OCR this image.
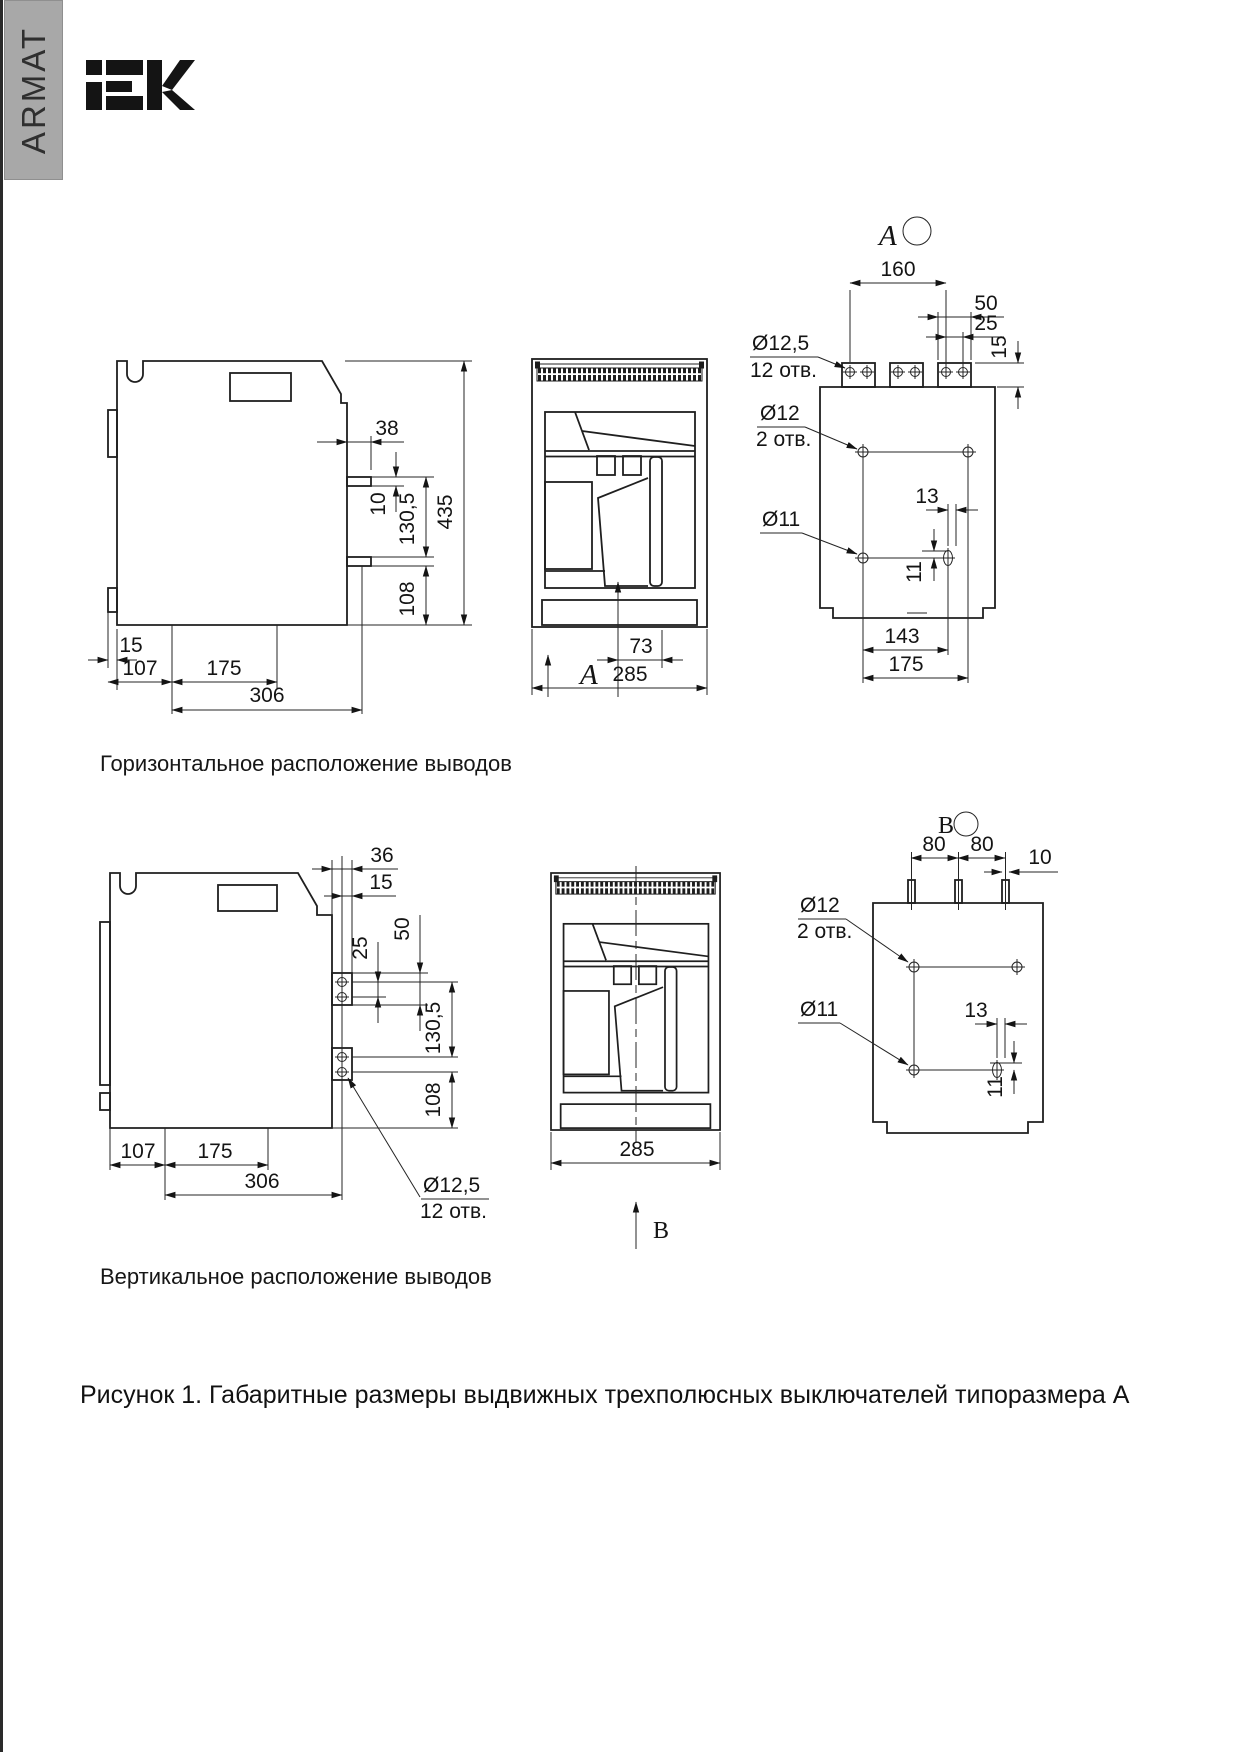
ARMAT
Горизонтальное расположение выводов
Вертикальное расположение выводов
Рисунок 1. Габаритные размеры выдвижных трехполюсных выключателей типоразмера А
38
10 130,5 435
108
15
107 175
306
A
73
285
A
160
50
25
15
Ø12,5
12 отв.
Ø12
2 отв.
Ø11
13
11
143
175
36
15
50
25
130,5
108
107 175
306	Ø12,5
12 отв.
285
В
В
80 80
10
Ø12
2 отв.
Ø11	13
11
